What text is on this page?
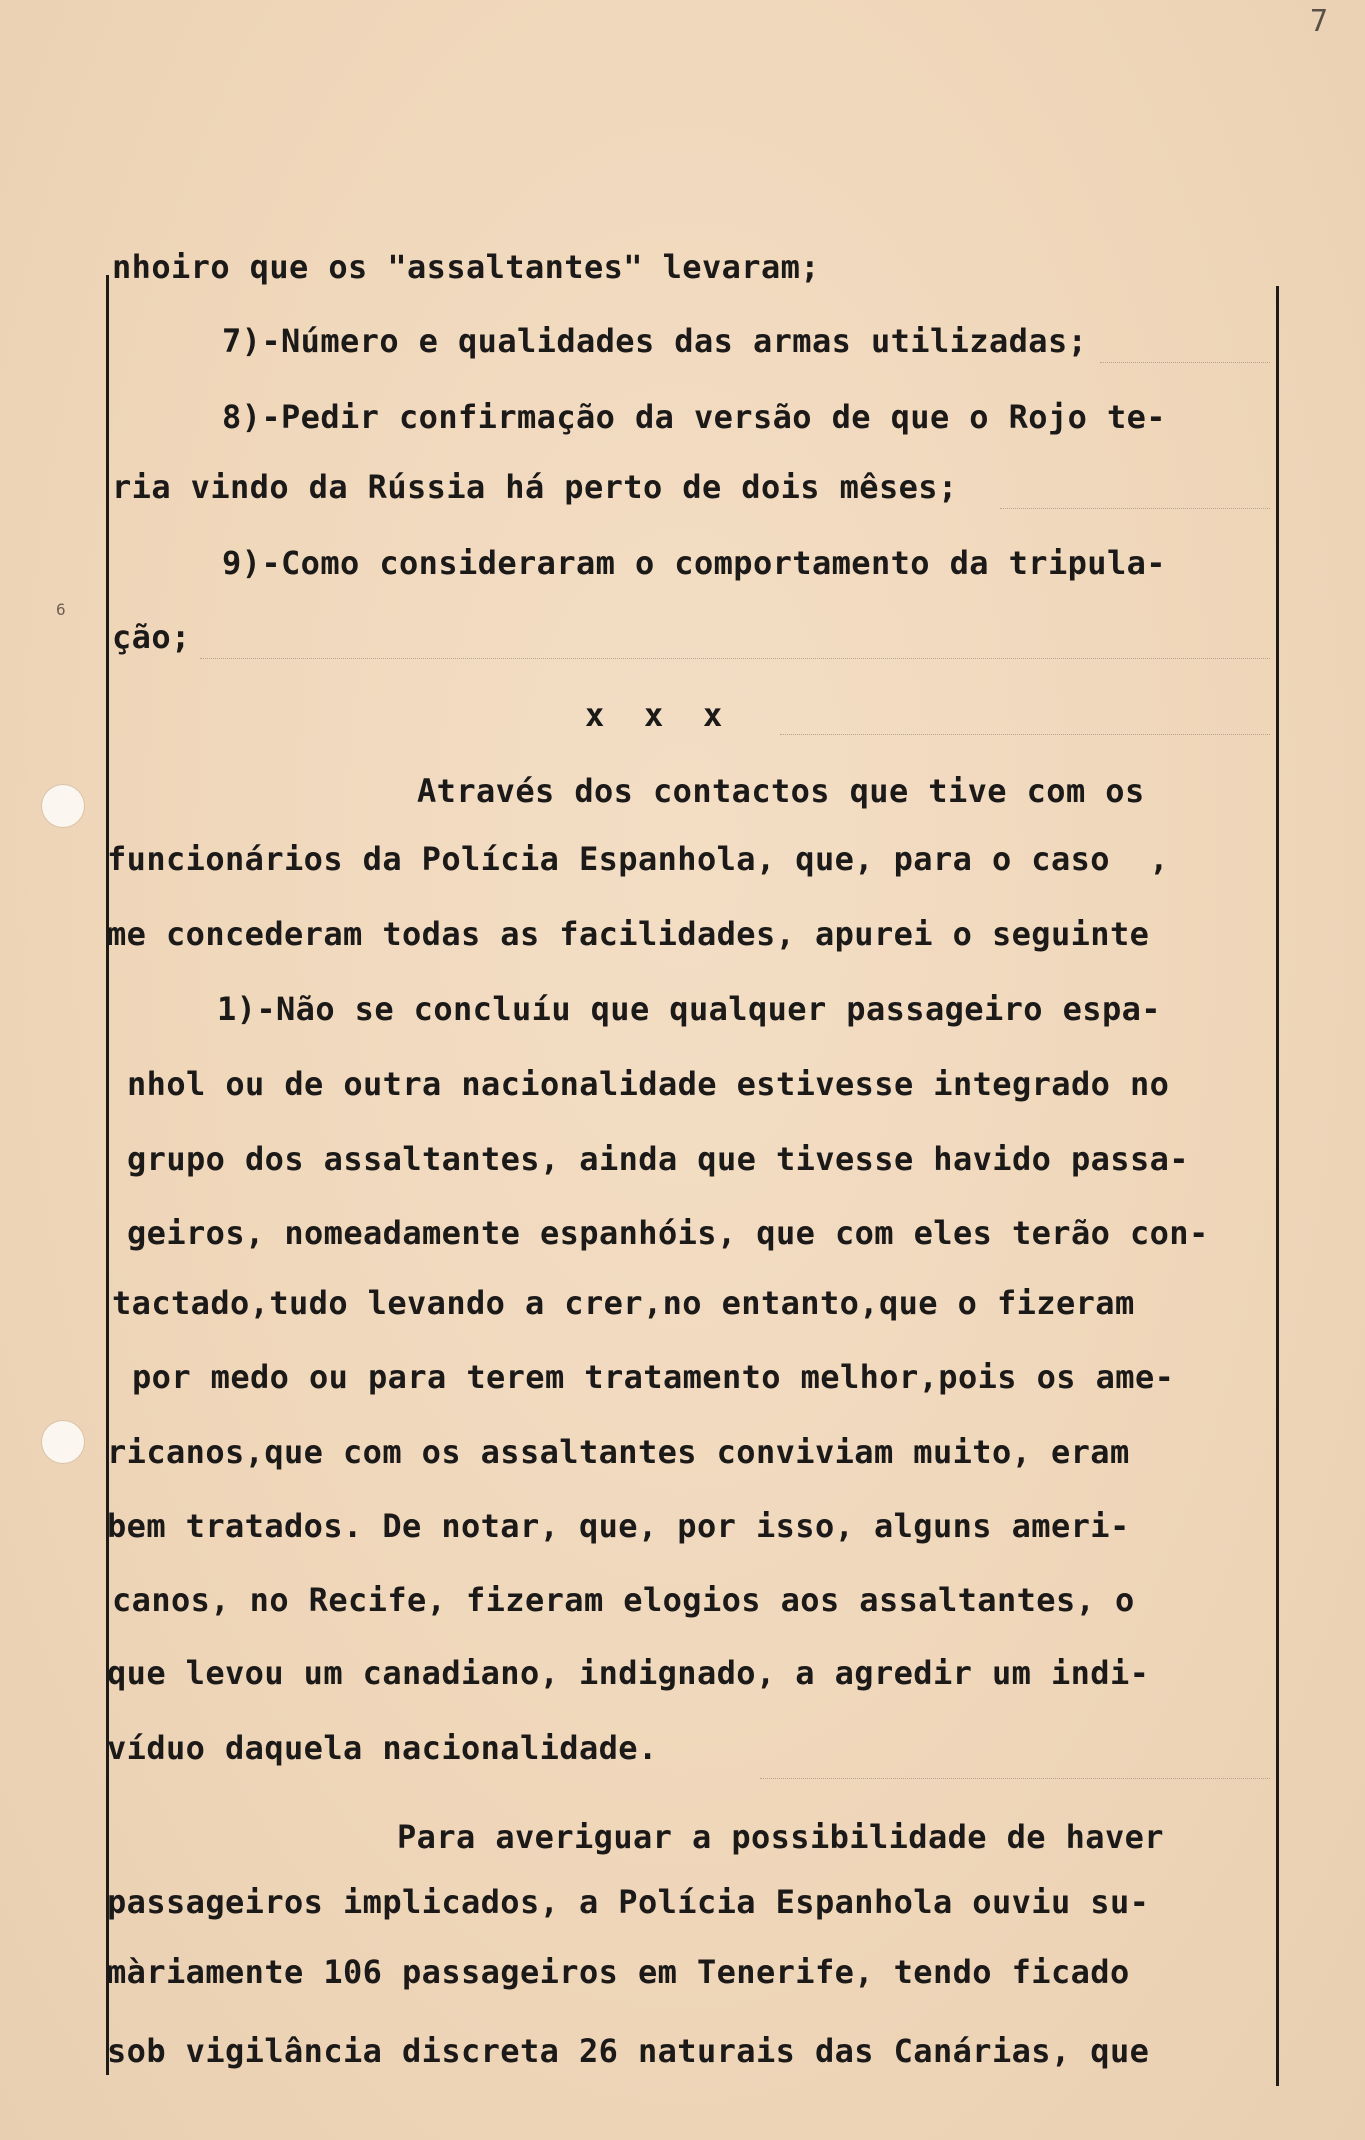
7
6
nhoiro que os "assaltantes" levaram;
7)-Número e qualidades das armas utilizadas;
8)-Pedir confirmação da versão de que o Rojo te-
ria vindo da Rússia há perto de dois mêses;
9)-Como consideraram o comportamento da tripula-
ção;
x  x  x
Através dos contactos que tive com os
funcionários da Polícia Espanhola, que, para o caso  ,
me concederam todas as facilidades, apurei o seguinte
1)-Não se concluíu que qualquer passageiro espa-
nhol ou de outra nacionalidade estivesse integrado no
grupo dos assaltantes, ainda que tivesse havido passa-
geiros, nomeadamente espanhóis, que com eles terão con-
tactado,tudo levando a crer,no entanto,que o fizeram
por medo ou para terem tratamento melhor,pois os ame-
ricanos,que com os assaltantes conviviam muito, eram
bem tratados. De notar, que, por isso, alguns ameri-
canos, no Recife, fizeram elogios aos assaltantes, o
que levou um canadiano, indignado, a agredir um indi-
víduo daquela nacionalidade.
Para averiguar a possibilidade de haver
passageiros implicados, a Polícia Espanhola ouviu su-
màriamente 106 passageiros em Tenerife, tendo ficado
sob vigilância discreta 26 naturais das Canárias, que
